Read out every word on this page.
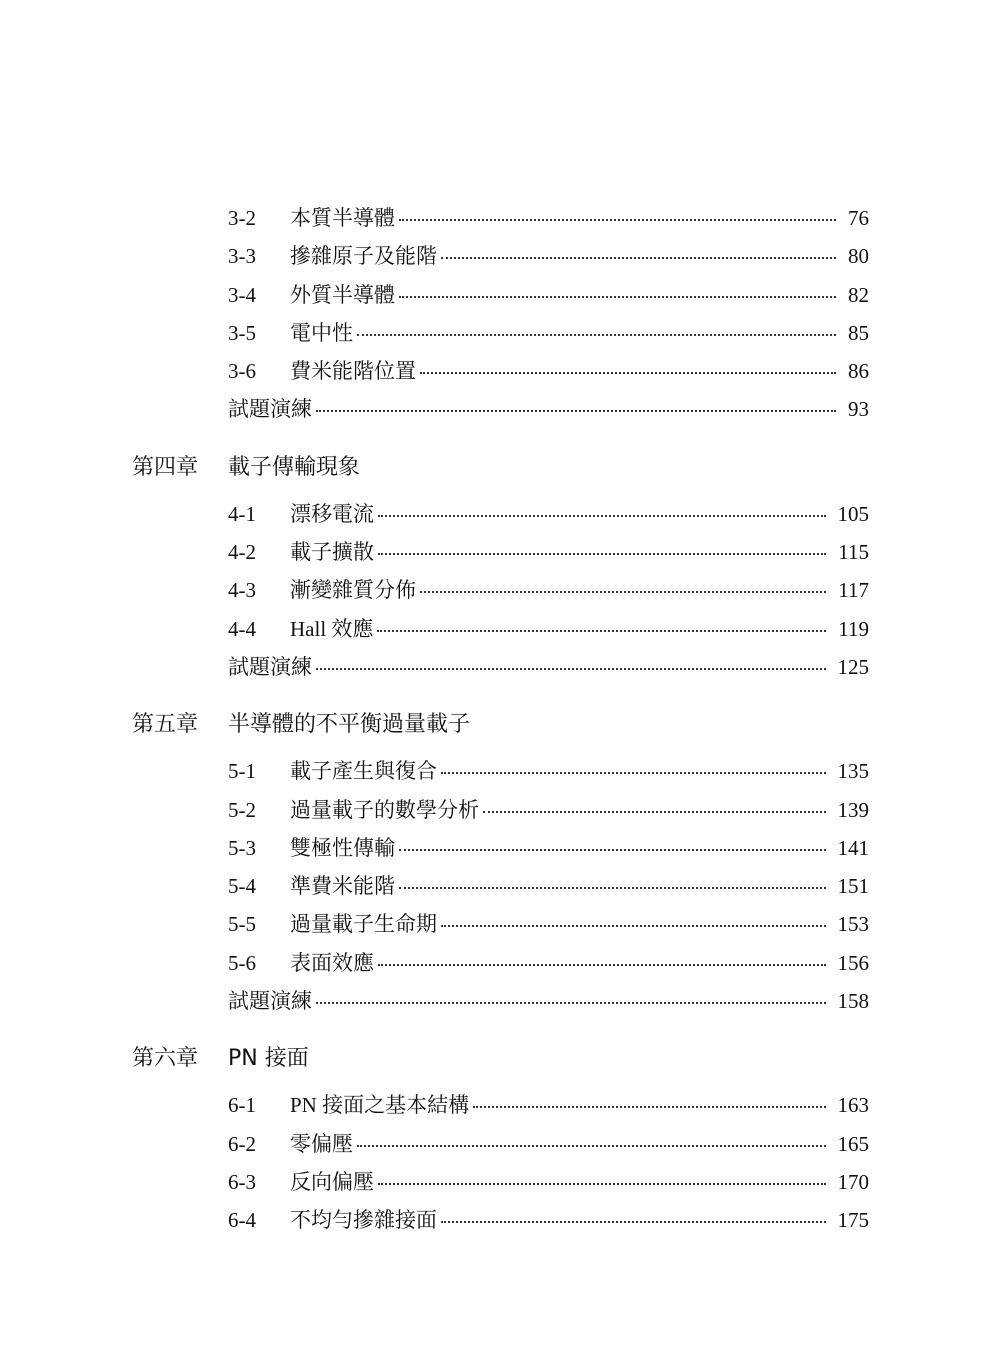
3-2 本質半導體	76
3-3 摻雜原子及能階	80
3-4 外質半導體	82
3-5 電中性	85
3-6 費米能階位置	86
試題演練	93
第四章 載子傳輸現象
4-1 漂移電流	105
4-2 載子擴散	115
4-3 漸變雜質分佈	117
4-4 Hall 效應	119
試題演練	125
第五章 半導體的不平衡過量載子
5-1 載子產生與復合	135
5-2 過量載子的數學分析	139
5-3 雙極性傳輸	141
5-4 準費米能階	151
5-5 過量載子生命期	153
5-6 表面效應	156
試題演練	158
第六章 PN 接面
6-1 PN 接面之基本結構	163
6-2 零偏壓	165
6-3 反向偏壓	170
6-4 不均勻摻雜接面	175
